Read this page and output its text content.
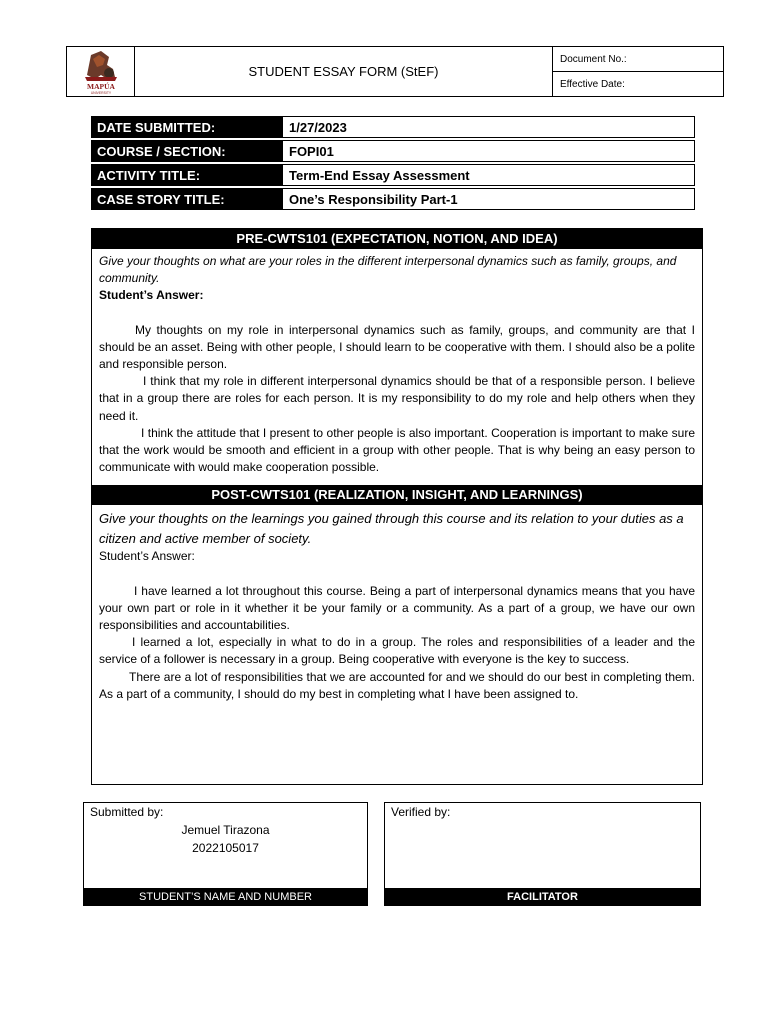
MAPÚA
UNIVERSITY
STUDENT ESSAY FORM (StEF)
Document No.:
Effective Date:
DATE SUBMITTED:	1/27/2023
COURSE / SECTION:	FOPI01
ACTIVITY TITLE:	Term-End Essay Assessment
CASE STORY TITLE:	One’s Responsibility Part-1
PRE-CWTS101 (EXPECTATION, NOTION, AND IDEA)
Give your thoughts on what are your roles in the different interpersonal dynamics such as family, groups, and community.
Student’s Answer:
My thoughts on my role in interpersonal dynamics such as family, groups, and community are that I should be an asset. Being with other people, I should learn to be cooperative with them. I should also be a polite and responsible person.
I think that my role in different interpersonal dynamics should be that of a responsible person. I believe that in a group there are roles for each person. It is my responsibility to do my role and help others when they need it.
I think the attitude that I present to other people is also important. Cooperation is important to make sure that the work would be smooth and efficient in a group with other people. That is why being an easy person to communicate with would make cooperation possible.
POST-CWTS101 (REALIZATION, INSIGHT, AND LEARNINGS)
Give your thoughts on the learnings you gained through this course and its relation to your duties as a citizen and active member of society.
Student’s Answer:
I have learned a lot throughout this course. Being a part of interpersonal dynamics means that you have your own part or role in it whether it be your family or a community. As a part of a group, we have our own responsibilities and accountabilities.
I learned a lot, especially in what to do in a group. The roles and responsibilities of a leader and the service of a follower is necessary in a group. Being cooperative with everyone is the key to success.
There are a lot of responsibilities that we are accounted for and we should do our best in completing them. As a part of a community, I should do my best in completing what I have been assigned to.
Submitted by:
Jemuel Tirazona
2022105017
STUDENT’S NAME AND NUMBER
Verified by:
FACILITATOR
